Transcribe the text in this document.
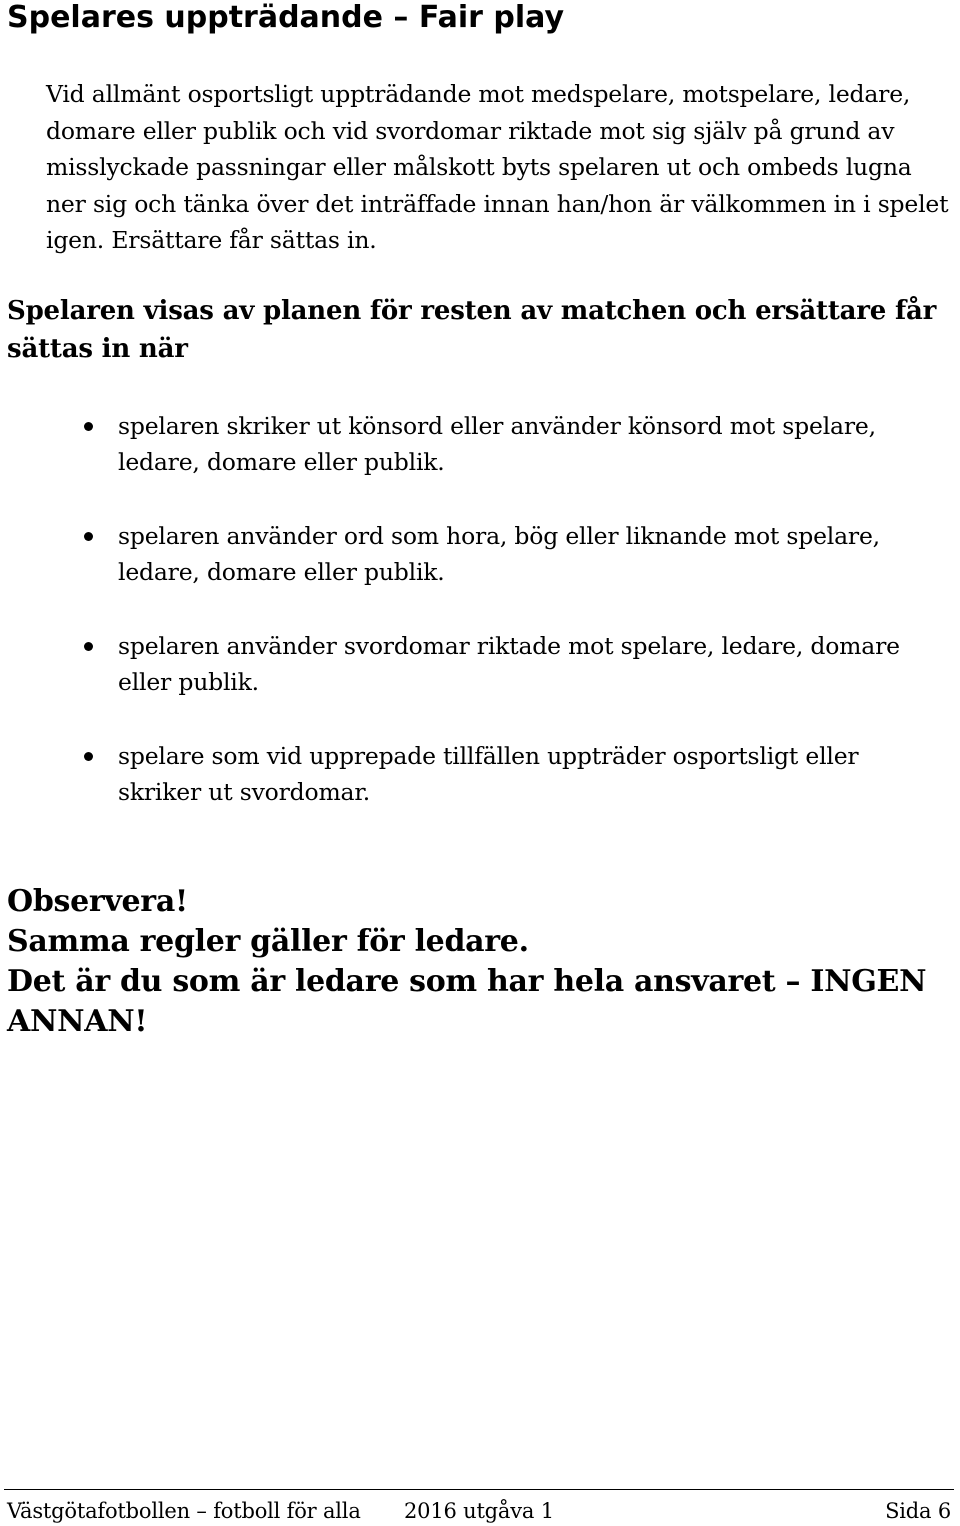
Spelares uppträdande – Fair play

Vid allmänt osportsligt uppträdande mot medspelare, motspelare, ledare, domare eller publik och vid svordomar riktade mot sig själv på grund av misslyckade passningar eller målskott byts spelaren ut och ombeds lugna ner sig och tänka över det inträffade innan han/hon är välkommen in i spelet igen. Ersättare får sättas in.

Spelaren visas av planen för resten av matchen och ersättare får sättas in när

spelaren skriker ut könsord eller använder könsord mot spelare, ledare, domare eller publik.
spelaren använder ord som hora, bög eller liknande mot spelare, ledare, domare eller publik.
spelaren använder svordomar riktade mot spelare, ledare, domare eller publik.
spelare som vid upprepade tillfällen uppträder osportsligt eller skriker ut svordomar.
Observera!
Samma regler gäller för ledare.
Det är du som är ledare som har hela ansvaret – INGEN ANNAN!
Västgötafotbollen – fotboll för alla 2016 utgåva 1	Sida 6
